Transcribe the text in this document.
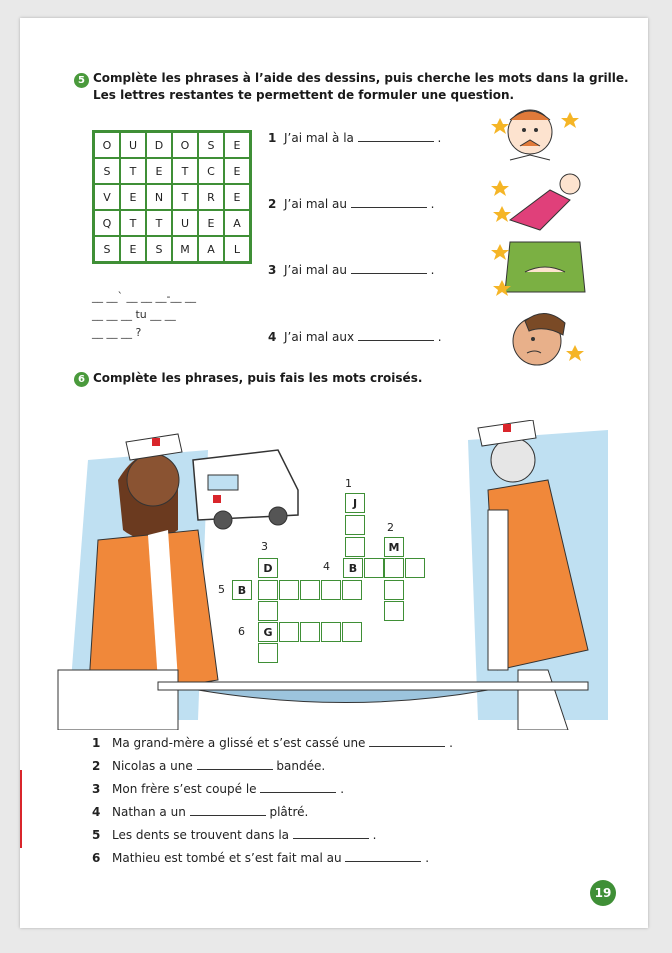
5 Complète les phrases à l’aide des dessins, puis cherche les mots dans la grille.
Les lettres restantes te permettent de formuler une question.
O	U	D	O	S	E
S	T	E	T	C	E
V	E	N	T	R	E
Q	T	T	U	E	A
S	E	S	M	A	L
__ __` __ __ __-__ __
__ __ __ tu __ __
__ __ __ ?
1 J’ai mal à la	.
2 J’ai mal au	.
3 J’ai mal au	.
4 J’ai mal aux	.
6 Complète les phrases, puis fais les mots croisés.
J
M
D
G
B
B
1
2
3
4
5
6
1 Ma grand-mère a glissé et s’est cassé une	.
2 Nicolas a une	bandée.
3 Mon frère s’est coupé le	.
4 Nathan a un	plâtré.
5 Les dents se trouvent dans la	.
6 Mathieu est tombé et s’est fait mal au	.
19
